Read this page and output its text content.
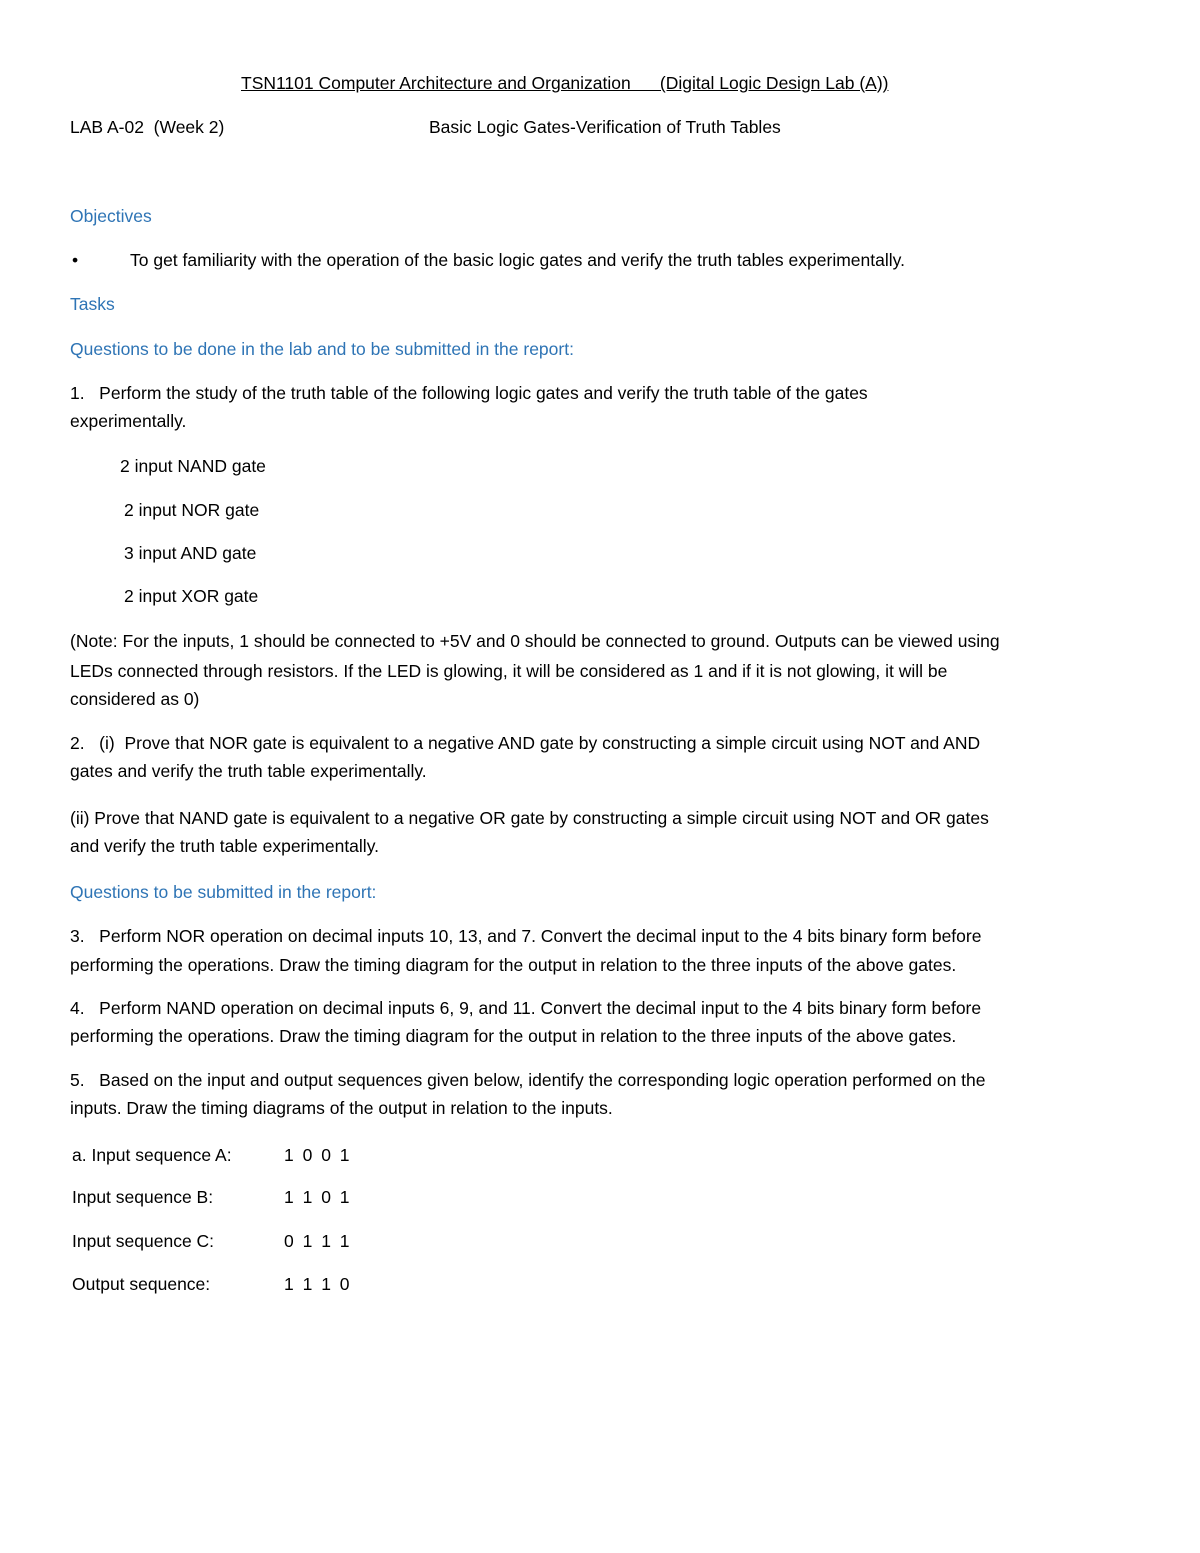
TSN1101 Computer Architecture and Organization      (Digital Logic Design Lab (A))
LAB A-02  (Week 2)	Basic Logic Gates-Verification of Truth Tables
Objectives
•	To get familiarity with the operation of the basic logic gates and verify the truth tables experimentally.
Tasks
Questions to be done in the lab and to be submitted in the report:
1.   Perform the study of the truth table of the following logic gates and verify the truth table of the gates
experimentally.
2 input NAND gate
2 input NOR gate
3 input AND gate
2 input XOR gate
(Note: For the inputs, 1 should be connected to +5V and 0 should be connected to ground. Outputs can be viewed using
LEDs connected through resistors. If the LED is glowing, it will be considered as 1 and if it is not glowing, it will be
considered as 0)
2.   (i)  Prove that NOR gate is equivalent to a negative AND gate by constructing a simple circuit using NOT and AND
gates and verify the truth table experimentally.
(ii) Prove that NAND gate is equivalent to a negative OR gate by constructing a simple circuit using NOT and OR gates
and verify the truth table experimentally.
Questions to be submitted in the report:
3.   Perform NOR operation on decimal inputs 10, 13, and 7. Convert the decimal input to the 4 bits binary form before
performing the operations. Draw the timing diagram for the output in relation to the three inputs of the above gates.
4.   Perform NAND operation on decimal inputs 6, 9, and 11. Convert the decimal input to the 4 bits binary form before
performing the operations. Draw the timing diagram for the output in relation to the three inputs of the above gates.
5.   Based on the input and output sequences given below, identify the corresponding logic operation performed on the
inputs. Draw the timing diagrams of the output in relation to the inputs.
a. Input sequence A:	1 0 0 1
Input sequence B:	1 1 0 1
Input sequence C:	0 1 1 1
Output sequence:	1 1 1 0
